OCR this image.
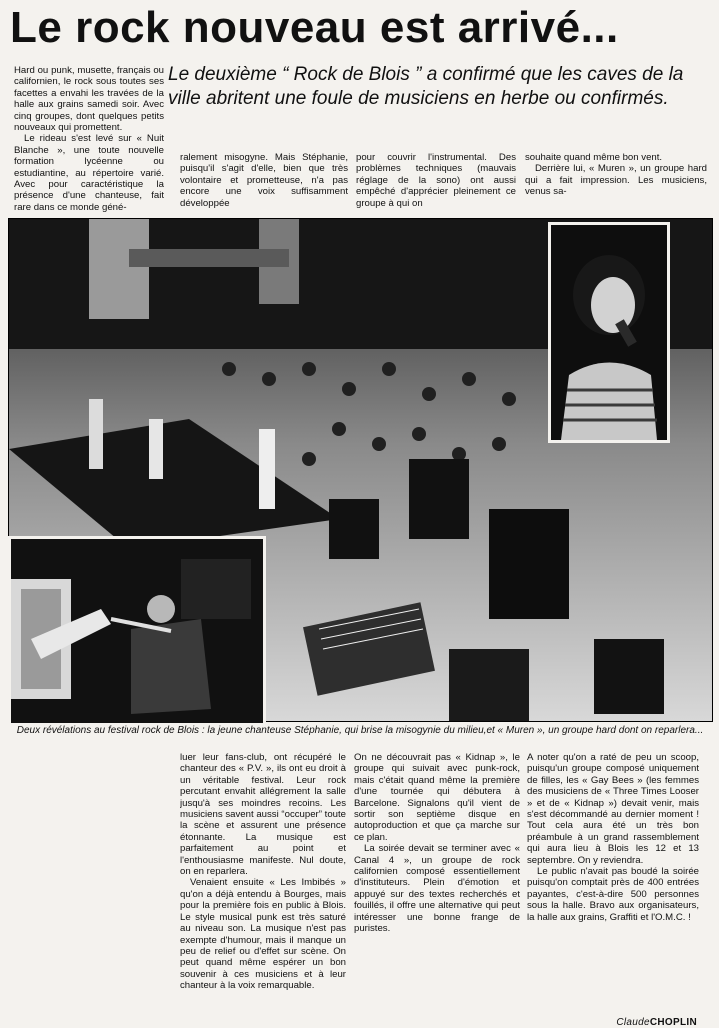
Le rock nouveau est arrivé...

Hard ou punk, musette, français ou californien, le rock sous toutes ses facettes a envahi les travées de la halle aux grains samedi soir. Avec cinq groupes, dont quelques petits nouveaux qui promettent.

Le rideau s'est levé sur « Nuit Blanche », une toute nouvelle formation lycéenne ou estudiantine, au répertoire varié. Avec pour caractéristique la présence d'une chanteuse, fait rare dans ce monde géné-

Le deuxième “ Rock de Blois ” a confirmé que les caves de la ville abritent une foule de musiciens en herbe ou confirmés.

ralement misogyne. Mais Stéphanie, puisqu'il s'agit d'elle, bien que très volontaire et prometteuse, n'a pas encore une voix suffisamment développée

pour couvrir l'instrumental. Des problèmes techniques (mauvais réglage de la sono) ont aussi empêché d'apprécier pleinement ce groupe à qui on

souhaite quand même bon vent.

Derrière lui, « Muren », un groupe hard qui a fait impression. Les musiciens, venus sa-

Deux révélations au festival rock de Blois : la jeune chanteuse Stéphanie, qui brise la misogynie du milieu,et « Muren », un groupe hard dont on reparlera...

luer leur fans-club, ont récupéré le chanteur des « P.V. », ils ont eu droit à un véritable festival. Leur rock percutant envahit allégrement la salle jusqu'à ses moindres recoins. Les musiciens savent aussi “occuper” toute la scène et assurent une présence étonnante. La musique est parfaitement au point et l'enthousiasme manifeste. Nul doute, on en reparlera.

Venaient ensuite « Les Imbibés » qu'on a déjà entendu à Bourges, mais pour la première fois en public à Blois. Le style musical punk est très saturé au niveau son. La musique n'est pas exempte d'humour, mais il manque un peu de relief ou d'effet sur scène. On peut quand même espérer un bon souvenir à ces musiciens et à leur chanteur à la voix remarquable.

On ne découvrait pas « Kidnap », le groupe qui suivait avec punk-rock, mais c'était quand même la première d'une tournée qui débutera à Barcelone. Signalons qu'il vient de sortir son septième disque en autoproduction et que ça marche sur ce plan.

La soirée devait se terminer avec « Canal 4 », un groupe de rock californien composé essentiellement d'instituteurs. Plein d'émotion et appuyé sur des textes recherchés et fouillés, il offre une alternative qui peut intéresser une bonne frange de puristes.

A noter qu'on a raté de peu un scoop, puisqu'un groupe composé uniquement de filles, les « Gay Bees » (les femmes des musiciens de « Three Times Looser » et de « Kidnap ») devait venir, mais s'est décommandé au dernier moment ! Tout cela aura été un très bon préambule à un grand rassemblement qui aura lieu à Blois les 12 et 13 septembre. On y reviendra.

Le public n'avait pas boudé la soirée puisqu'on comptait près de 400 entrées payantes, c'est-à-dire 500 personnes sous la halle. Bravo aux organisateurs, la halle aux grains, Graffiti et l'O.M.C. !

ClaudeCHOPLIN
